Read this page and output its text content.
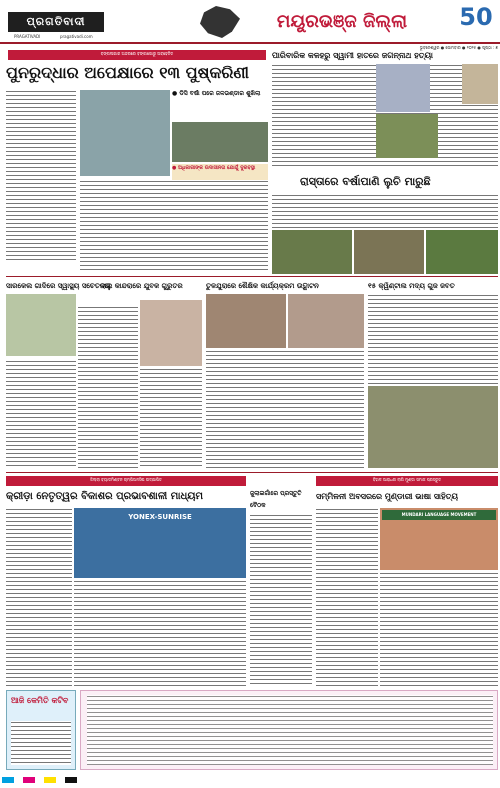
ପ୍ରଗତିବାଦୀ
PRAGATIVADI	pragativadi.com
ମୟୂରଭଞ୍ଜ ଜିଲ୍ଲା	50
ଭୁବନେଶ୍ୱର ● ସୋମବାର ● ୨୦୨୫ ● ପୃଷ୍ଠା : ୭
ବଙ୍ଗଳାଗାର ଅନ୍ଦରରେ ବଙ୍କାଗୋରୁ ଅବହେଳିତ
ପୁନରୁଦ୍ଧାର ଅପେକ୍ଷାରେ ୧୩ ପୁଷ୍କରିଣୀ
● ଡିସି ବର୍ଷା ପରେ ଜଳଭଣ୍ଡାର ଶୁଖିଲା
● ଅଧିକାରୀଙ୍କ ଉଦାସୀନତା ଯୋଗୁଁ ଦୁରବସ୍ଥା
ପାରିବାରିକ କଳହରୁ ସ୍ୱାମୀ ହାତରେ ଜଗନ୍ନାଥ ହତ୍ୟା
ରାସ୍ତାରେ ବର୍ଷାପାଣି ଲୁଚି ମାରୁଛି
ସାରକେଲ ଗାଦିରେ ସ୍ୱାସ୍ଥ୍ୟ ସଚେତନତା
ଲାଲୁ କାନ୍ଦରାରେ ଯୁବକ ଗୁରୁତର	ତୁଳଯୁରାରେ ଶୈକ୍ଷିକ କାର୍ଯ୍ୟକ୍ରମ ଉଦ୍ଘାଟନ	୧୫ କ୍ୱିଣ୍ଟାଲ ମଦ୍ୟ ଗୁଜ ଜବତ
ଜିଲ୍ଲା ବ୍ୟାଡମିଣ୍ଟନ ଚାମ୍ପିଅନସିପ ଉଦ୍‌ଯାପିତ
କ୍ରୀଡ଼ା ନେତୃତ୍ୱର ବିକାଶର ପ୍ରଭାବଶାଳୀ ମାଧ୍ୟମ
YONEX-SUNRISE
ଜୁଲାଇଗାଁରେ ପ୍ରସ୍ତୁତି ବୈଠକ
ବିହାଳ ଆରାଧନା ଲାଗି ମୁଣ୍ଡା ସମାଜ ପ୍ରସ୍ତୁତ
ସମ୍ମିଳନୀ ଅବସରରେ ମୁଣ୍ଡାରୀ ଭାଷା ସାହିତ୍ୟ
MUNDARI LANGUAGE MOVEMENT
ଆଜି କେମିତି କଟିବ
